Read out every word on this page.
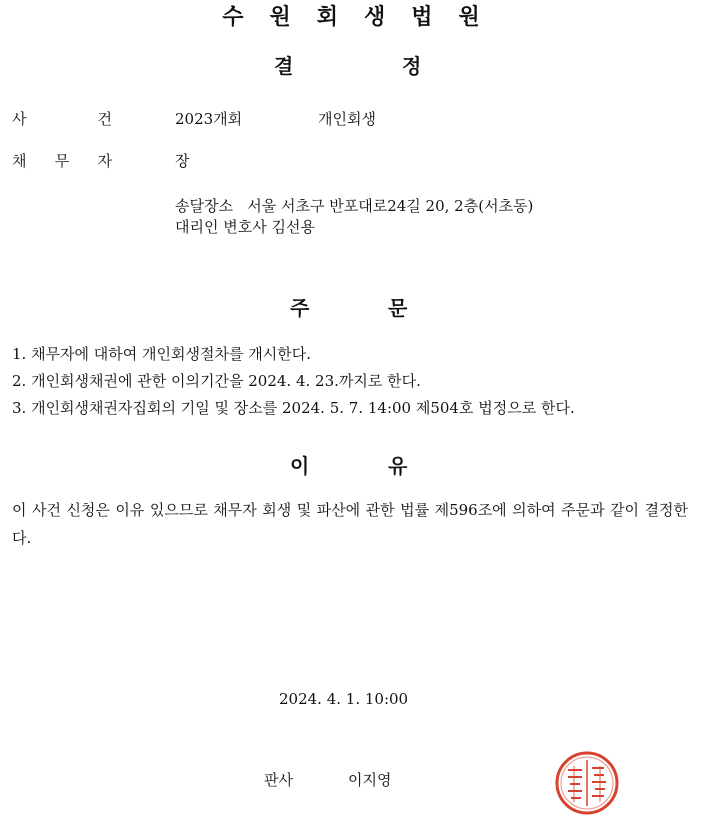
수원회생법원
결	정
사	건	2023개회	개인회생
채 무 자	장
송달장소   서울 서초구 반포대로24길 20, 2층(서초동)
대리인 변호사 김선용
주	문
1. 채무자에 대하여 개인회생절차를 개시한다.
2. 개인회생채권에 관한 이의기간을 2024. 4. 23.까지로 한다.
3. 개인회생채권자집회의 기일 및 장소를 2024. 5. 7. 14:00 제504호 법정으로 한다.
이	유
이 사건 신청은 이유 있으므로 채무자 회생 및 파산에 관한 법률 제596조에 의하여 주문과 같이 결정한다.
2024. 4. 1. 10:00
판사	이지영
